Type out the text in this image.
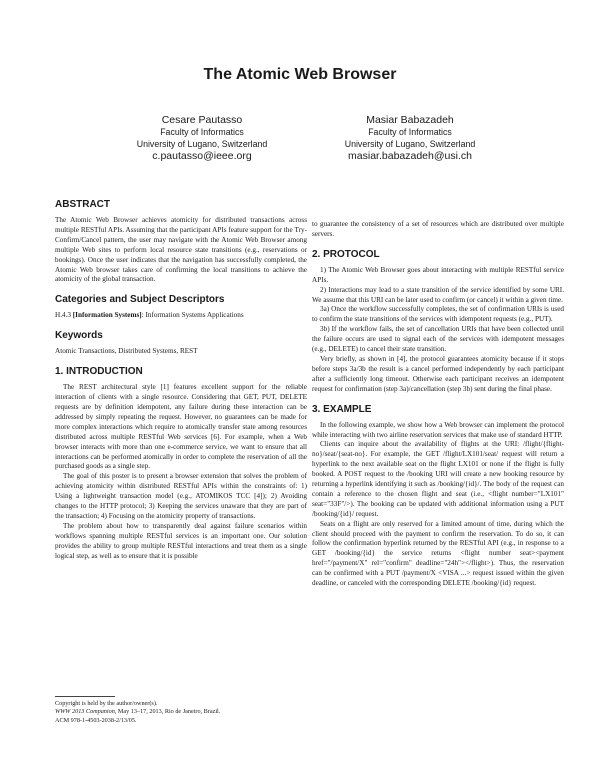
The Atomic Web Browser
Cesare Pautasso
Faculty of Informatics
University of Lugano, Switzerland
c.pautasso@ieee.org
Masiar Babazadeh
Faculty of Informatics
University of Lugano, Switzerland
masiar.babazadeh@usi.ch
ABSTRACT

The Atomic Web Browser achieves atomicity for distributed transactions across multiple RESTful APIs. Assuming that the participant APIs feature support for the Try-Confirm/Cancel pattern, the user may navigate with the Atomic Web Browser among multiple Web sites to perform local resource state transitions (e.g., reservations or bookings). Once the user indicates that the navigation has successfully completed, the Atomic Web browser takes care of confirming the local transitions to achieve the atomicity of the global transaction.

Categories and Subject Descriptors

H.4.3 [Information Systems]: Information Systems Applications

Keywords

Atomic Transactions, Distributed Systems, REST

1. INTRODUCTION

The REST architectural style [1] features excellent support for the reliable interaction of clients with a single resource. Considering that GET, PUT, DELETE requests are by definition idempotent, any failure during these interaction can be addressed by simply repeating the request. However, no guarantees can be made for more complex interactions which require to atomically transfer state among resources distributed across multiple RESTful Web services [6]. For example, when a Web browser interacts with more than one e-commerce service, we want to ensure that all interactions can be performed atomically in order to complete the reservation of all the purchased goods as a single step.

The goal of this poster is to present a browser extension that solves the problem of achieving atomicity within distributed RESTful APIs within the constraints of: 1) Using a lightweight transaction model (e.g., ATOMIKOS TCC [4]); 2) Avoiding changes to the HTTP protocol; 3) Keeping the services unaware that they are part of the transaction; 4) Focusing on the atomicity property of transactions.

The problem about how to transparently deal against failure scenarios within workflows spanning multiple RESTful services is an important one. Our solution provides the ability to group multiple RESTful interactions and treat them as a single logical step, as well as to ensure that it is possible

Copyright is held by the author/owner(s).
WWW 2013 Companion, May 13–17, 2013, Rio de Janeiro, Brazil.
ACM 978-1-4503-2038-2/13/05.

to guarantee the consistency of a set of resources which are distributed over multiple servers.

2. PROTOCOL

1) The Atomic Web Browser goes about interacting with multiple RESTful service APIs.

2) Interactions may lead to a state transition of the service identified by some URI. We assume that this URI can be later used to confirm (or cancel) it within a given time.

3a) Once the workflow successfully completes, the set of confirmation URIs is used to confirm the state transitions of the services with idempotent requests (e.g., PUT).

3b) If the workflow fails, the set of cancellation URIs that have been collected until the failure occurs are used to signal each of the services with idempotent messages (e.g., DELETE) to cancel their state transition.

Very briefly, as shown in [4], the protocol guarantees atomicity because if it stops before steps 3a/3b the result is a cancel performed independently by each participant after a sufficiently long timeout. Otherwise each participant receives an idempotent request for confirmation (step 3a)/cancellation (step 3b) sent during the final phase.

3. EXAMPLE

In the following example, we show how a Web browser can implement the protocol while interacting with two airline reservation services that make use of standard HTTP.

Clients can inquire about the availability of flights at the URI: /flight/{flight-no}/seat/{seat-no}. For example, the GET /flight/LX101/seat/ request will return a hyperlink to the next available seat on the flight LX101 or none if the flight is fully booked. A POST request to the /booking URI will create a new booking resource by returning a hyperlink identifying it such as /booking/{id}/. The body of the request can contain a reference to the chosen flight and seat (i.e., <flight number="LX101" seat="33F"/>). The booking can be updated with additional information using a PUT /booking/{id}/ request.

Seats on a flight are only reserved for a limited amount of time, during which the client should proceed with the payment to confirm the reservation. To do so, it can follow the confirmation hyperlink returned by the RESTful API (e.g., in response to a GET /booking/{id} the service returns <flight number seat><payment href="/payment/X" rel="confirm" deadline="24h"></flight>). Thus, the reservation can be confirmed with a PUT /payment/X <VISA ...> request issued within the given deadline, or canceled with the corresponding DELETE /booking/{id} request.
